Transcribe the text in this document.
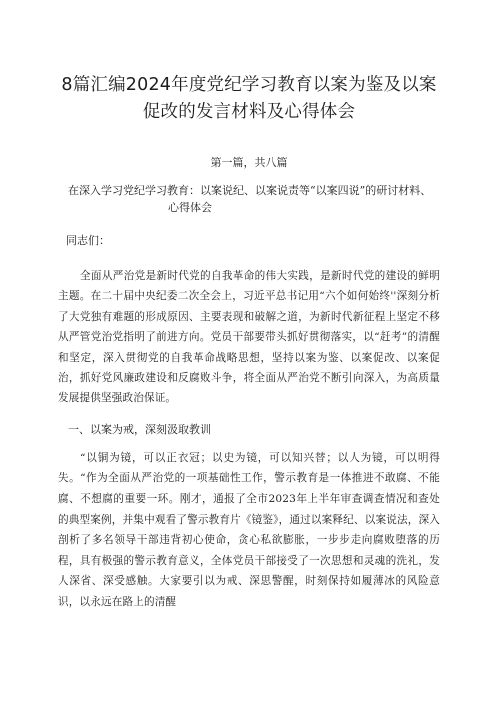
8篇汇编2024年度党纪学习教育以案为鉴及以案促改的发言材料及心得体会
第一篇，共八篇
在深入学习党纪学习教育：以案说纪、以案说责等“以案四说”的研讨材料、
心得体会
同志们：

全面从严治党是新时代党的自我革命的伟大实践，是新时代党的建设的鲜明主题。在二十届中央纪委二次全会上，习近平总书记用“六个如何始终''深刻分析了大党独有难题的形成原因、主要表现和破解之道，为新时代新征程上坚定不移从严管党治党指明了前进方向。党员干部要带头抓好贯彻落实，以“赶考”的清醒和坚定，深入贯彻党的自我革命战略思想，坚持以案为鉴、以案促改、以案促治，抓好党风廉政建设和反腐败斗争，将全面从严治党不断引向深入，为高质量发展提供坚强政治保证。

一、以案为戒，深刻汲取教训

“以铜为镜，可以正衣冠；以史为镜，可以知兴替；以人为镜，可以明得失。“作为全面从严治党的一项基础性工作，警示教育是一体推进不敢腐、不能腐、不想腐的重要一环。刚才，通报了全市2023年上半年审查调查情况和查处的典型案例，并集中观看了警示教育片《镜鉴》，通过以案释纪、以案说法，深入剖析了多名领导干部违背初心使命，贪心私欲膨胀，一步步走向腐败堕落的历程，具有极强的警示教育意义，全体党员干部接受了一次思想和灵魂的洗礼，发人深省、深受感触。大家要引以为戒、深思警醒，时刻保持如履薄冰的风险意识，以永远在路上的清醒
